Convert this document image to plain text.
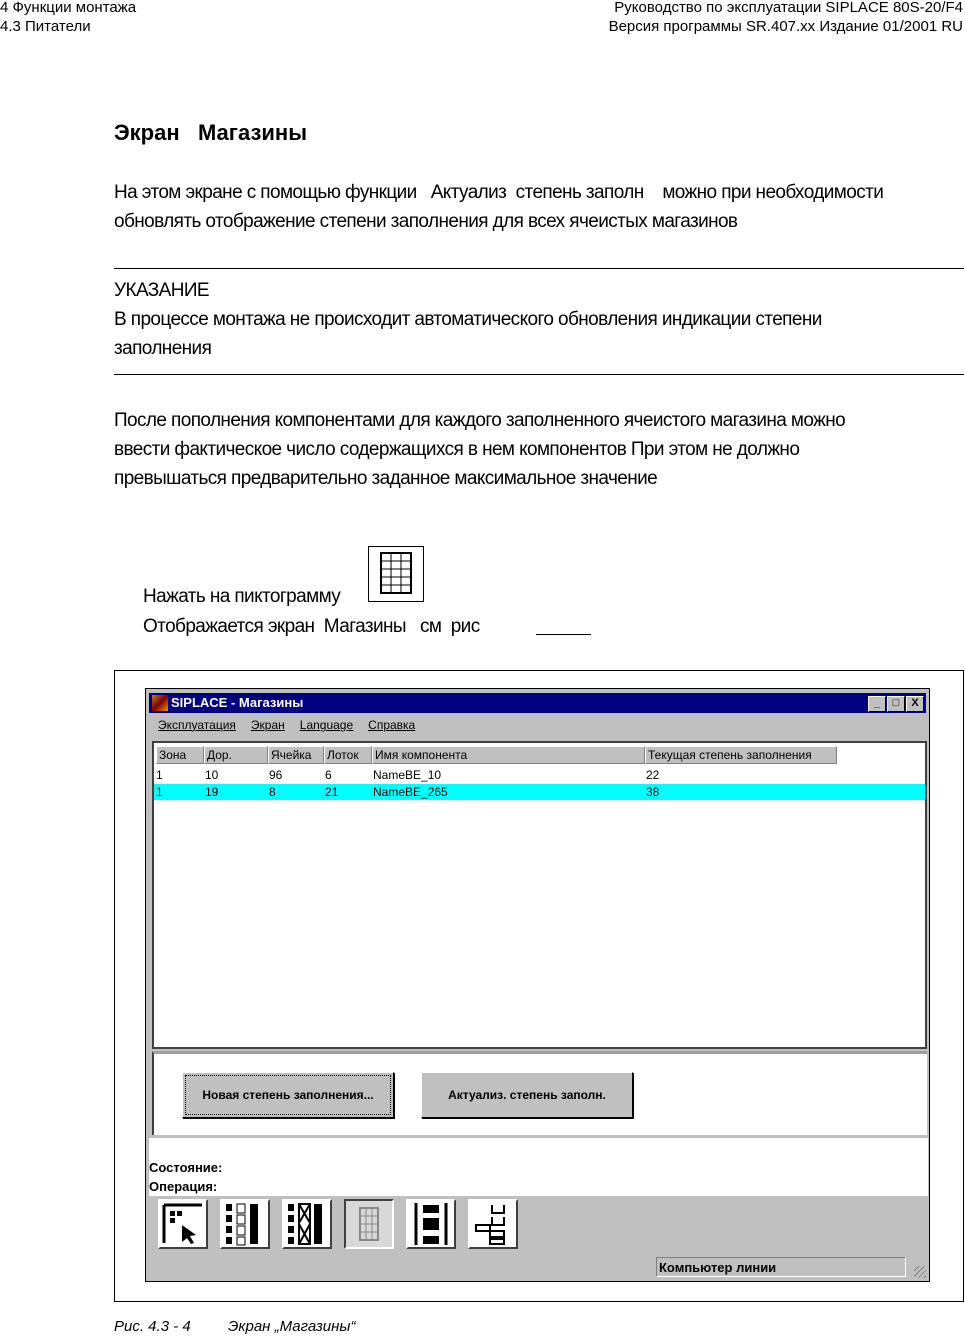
4 Функции монтажа
4.3 Питатели
Руководство по эксплуатации SIPLACE 80S-20/F4
Версия программы SR.407.xx Издание 01/2001 RU
Экран   Магазины
На этом экране с помощью функции   Актуализ  степень заполн    можно при необходимости
обновлять отображение степени заполнения для всех ячеистых магазинов
УКАЗАНИЕ
В процессе монтажа не происходит автоматического обновления индикации степени
заполнения
После пополнения компонентами для каждого заполненного ячеистого магазина можно
ввести фактическое число содержащихся в нем компонентов При этом не должно
превышаться предварительно заданное максимальное значение
Нажать на пиктограмму
Отображается экран  Магазины   см  рис
SIPLACE - Магазины	_	□	X
Эксплуатация Экран Language Справка
Зона	Дор.	Ячейка	Лоток	Имя компонента	Текущая степень заполнения
1	10	96	6	NameBE_10	22
1	19	8	21	NameBE_265	38
Новая степень заполнения...	Актуализ. степень заполн.
Состояние:
Операция:
Компьютер линии
Рис. 4.3 - 4 Экран „Магазины“
